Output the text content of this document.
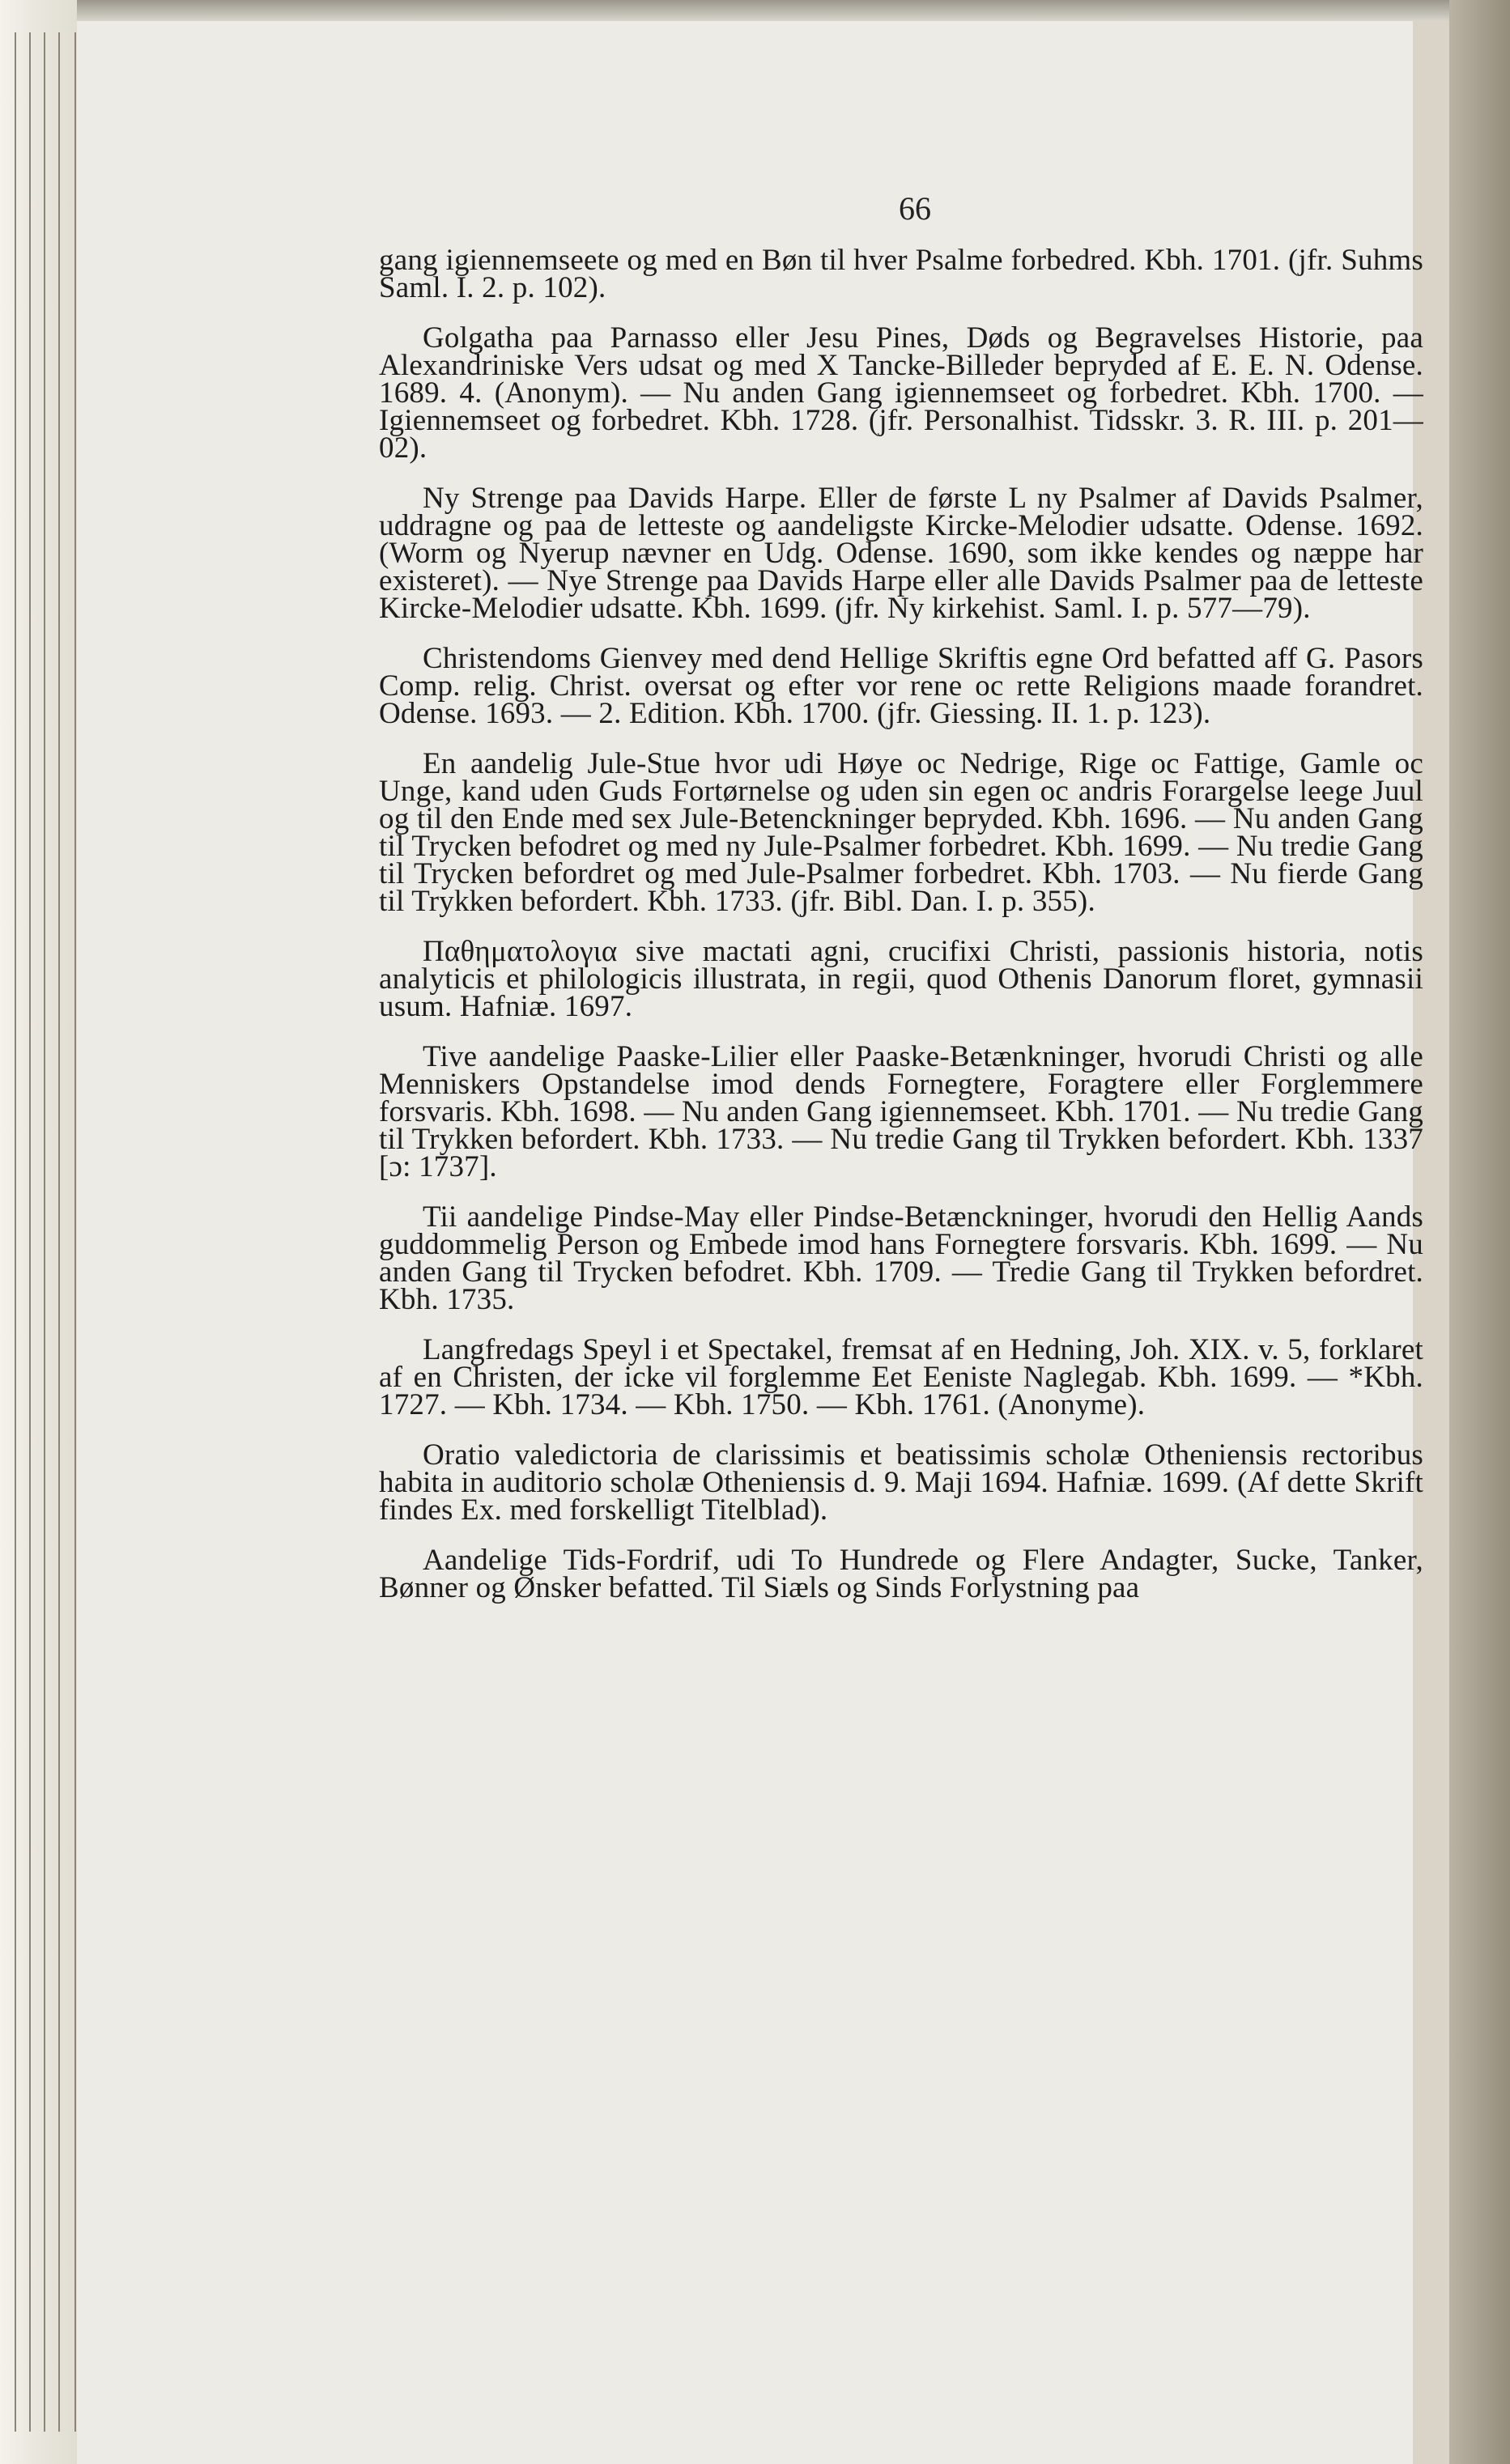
66

gang igiennemseete og med en Bøn til hver Psalme forbedred. Kbh. 1701. (jfr. Suhms Saml. I. 2. p. 102).

Golgatha paa Parnasso eller Jesu Pines, Døds og Begravelses Historie, paa Alexandriniske Vers udsat og med X Tancke-Billeder bepryded af E. E. N. Odense. 1689. 4. (Anonym). — Nu anden Gang igiennemseet og forbedret. Kbh. 1700. — Igiennemseet og forbedret. Kbh. 1728. (jfr. Personalhist. Tidsskr. 3. R. III. p. 201—02).

Ny Strenge paa Davids Harpe. Eller de første L ny Psalmer af Davids Psalmer, uddragne og paa de letteste og aandeligste Kircke-Melodier udsatte. Odense. 1692. (Worm og Nyerup nævner en Udg. Odense. 1690, som ikke kendes og næppe har existeret). — Nye Strenge paa Davids Harpe eller alle Davids Psalmer paa de letteste Kircke-Melodier udsatte. Kbh. 1699. (jfr. Ny kirkehist. Saml. I. p. 577—79).

Christendoms Gienvey med dend Hellige Skriftis egne Ord befatted aff G. Pasors Comp. relig. Christ. oversat og efter vor rene oc rette Religions maade forandret. Odense. 1693. — 2. Edition. Kbh. 1700. (jfr. Giessing. II. 1. p. 123).

En aandelig Jule-Stue hvor udi Høye oc Nedrige, Rige oc Fattige, Gamle oc Unge, kand uden Guds Fortørnelse og uden sin egen oc andris Forargelse leege Juul og til den Ende med sex Jule-Betenckninger bepryded. Kbh. 1696. — Nu anden Gang til Trycken befodret og med ny Jule-Psalmer forbedret. Kbh. 1699. — Nu tredie Gang til Trycken befordret og med Jule-Psalmer forbedret. Kbh. 1703. — Nu fierde Gang til Trykken befordert. Kbh. 1733. (jfr. Bibl. Dan. I. p. 355).

Παθηματολογια sive mactati agni, crucifixi Christi, passionis historia, notis analyticis et philologicis illustrata, in regii, quod Othenis Danorum floret, gymnasii usum. Hafniæ. 1697.

Tive aandelige Paaske-Lilier eller Paaske-Betænkninger, hvorudi Christi og alle Menniskers Opstandelse imod dends Fornegtere, Foragtere eller Forglemmere forsvaris. Kbh. 1698. — Nu anden Gang igiennemseet. Kbh. 1701. — Nu tredie Gang til Trykken befordert. Kbh. 1733. — Nu tredie Gang til Trykken befordert. Kbh. 1337 [ɔ: 1737].

Tii aandelige Pindse-May eller Pindse-Betænckninger, hvorudi den Hellig Aands guddommelig Person og Embede imod hans Fornegtere forsvaris. Kbh. 1699. — Nu anden Gang til Trycken befodret. Kbh. 1709. — Tredie Gang til Trykken befordret. Kbh. 1735.

Langfredags Speyl i et Spectakel, fremsat af en Hedning, Joh. XIX. v. 5, forklaret af en Christen, der icke vil forglemme Eet Eeniste Naglegab. Kbh. 1699. — *Kbh. 1727. — Kbh. 1734. — Kbh. 1750. — Kbh. 1761. (Anonyme).

Oratio valedictoria de clarissimis et beatissimis scholæ Otheniensis rectoribus habita in auditorio scholæ Otheniensis d. 9. Maji 1694. Hafniæ. 1699. (Af dette Skrift findes Ex. med forskelligt Titelblad).

Aandelige Tids-Fordrif, udi To Hundrede og Flere Andagter, Sucke, Tanker, Bønner og Ønsker befatted. Til Siæls og Sinds Forlystning paa
